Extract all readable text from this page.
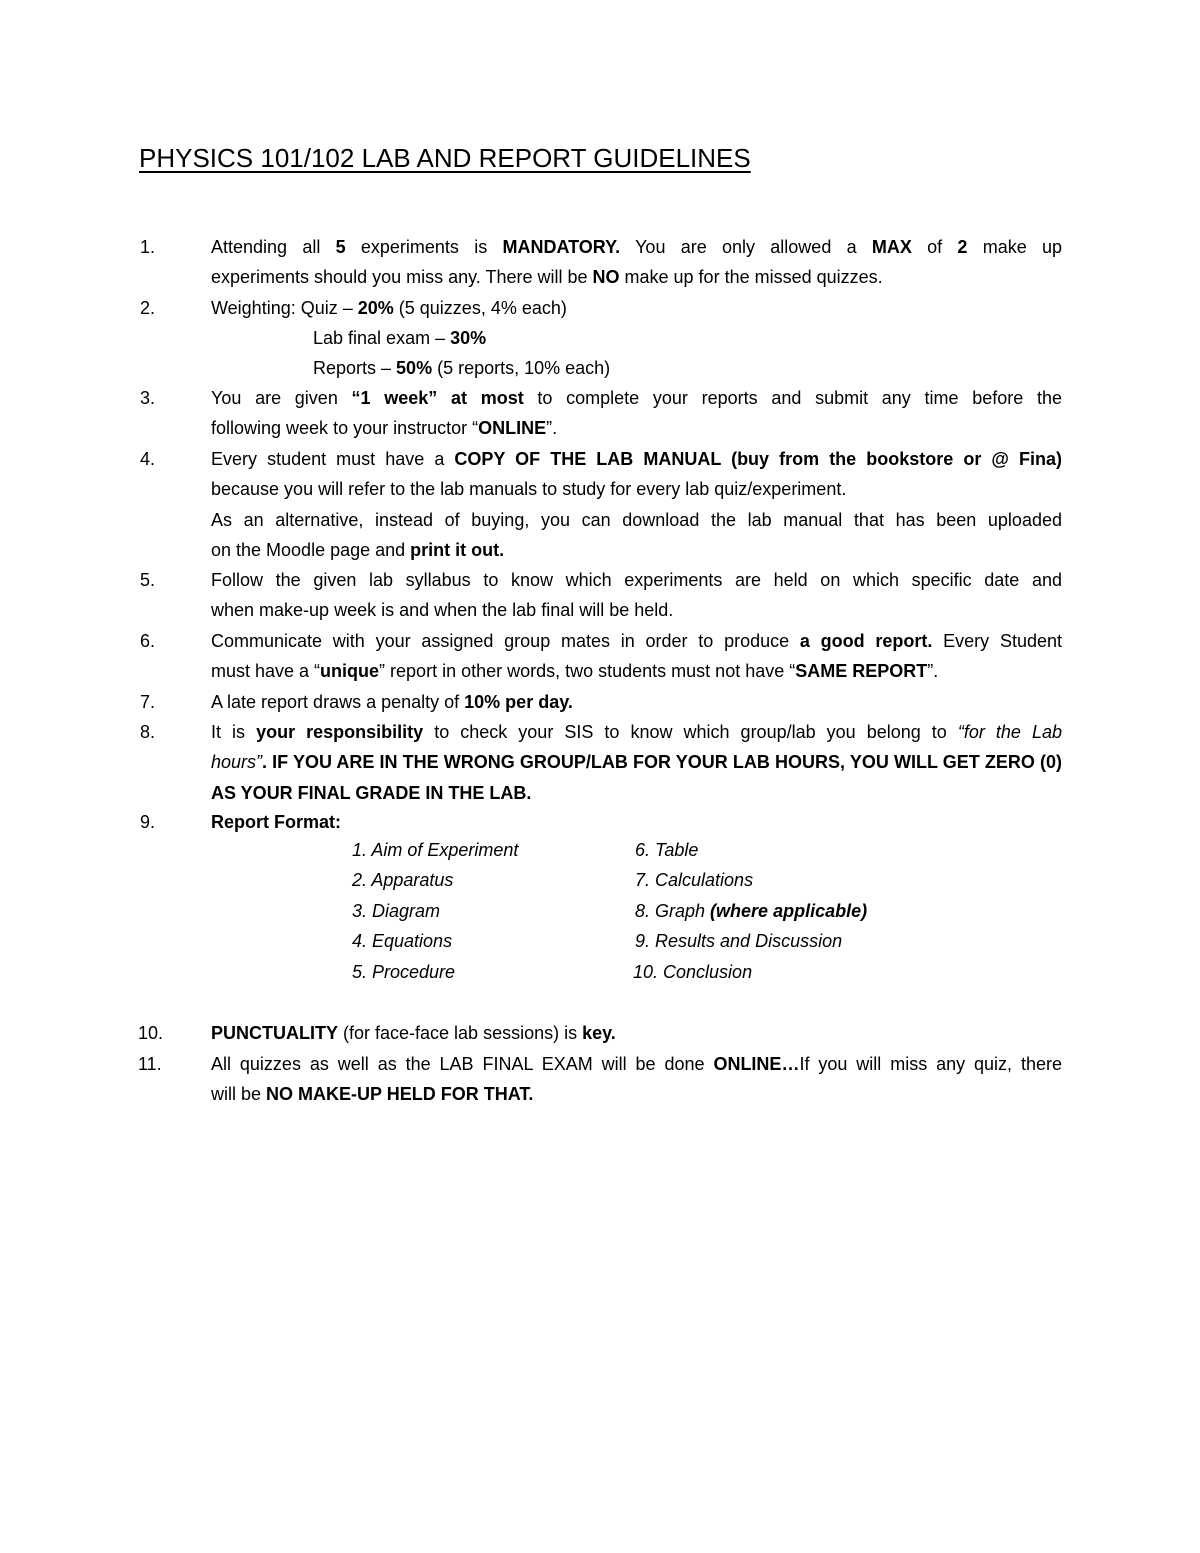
PHYSICS 101/102 LAB AND REPORT GUIDELINES
1.	Attending all 5 experiments is MANDATORY. You are only allowed a MAX of 2 make up
experiments should you miss any. There will be NO make up for the missed quizzes.
2.	Weighting: Quiz – 20% (5 quizzes, 4% each)
3.	You are given “1 week” at most to complete your reports and submit any time before the
following week to your instructor “ONLINE”.
4.	Every student must have a COPY OF THE LAB MANUAL (buy from the bookstore or @ Fina)
because you will refer to the lab manuals to study for every lab quiz/experiment.
As an alternative, instead of buying, you can download the lab manual that has been uploaded
on the Moodle page and print it out.
5.	Follow the given lab syllabus to know which experiments are held on which specific date and
when make-up week is and when the lab final will be held.
6.	Communicate with your assigned group mates in order to produce a good report. Every Student
must have a “unique” report in other words, two students must not have “SAME REPORT”.
7.	A late report draws a penalty of 10% per day.
8.	It is your responsibility to check your SIS to know which group/lab you belong to “for the Lab
hours”. IF YOU ARE IN THE WRONG GROUP/LAB FOR YOUR LAB HOURS, YOU WILL GET ZERO (0)
AS YOUR FINAL GRADE IN THE LAB.
9.	Report Format:
10.	PUNCTUALITY (for face-face lab sessions) is key.
11.	All quizzes as well as the LAB FINAL EXAM will be done ONLINE…If you will miss any quiz, there
will be NO MAKE-UP HELD FOR THAT.
Lab final exam – 30%
Reports – 50% (5 reports, 10% each)
1. Aim of Experiment
2. Apparatus
3. Diagram
4. Equations
5. Procedure
6. Table
7. Calculations
8. Graph (where applicable)
9. Results and Discussion
10. Conclusion
